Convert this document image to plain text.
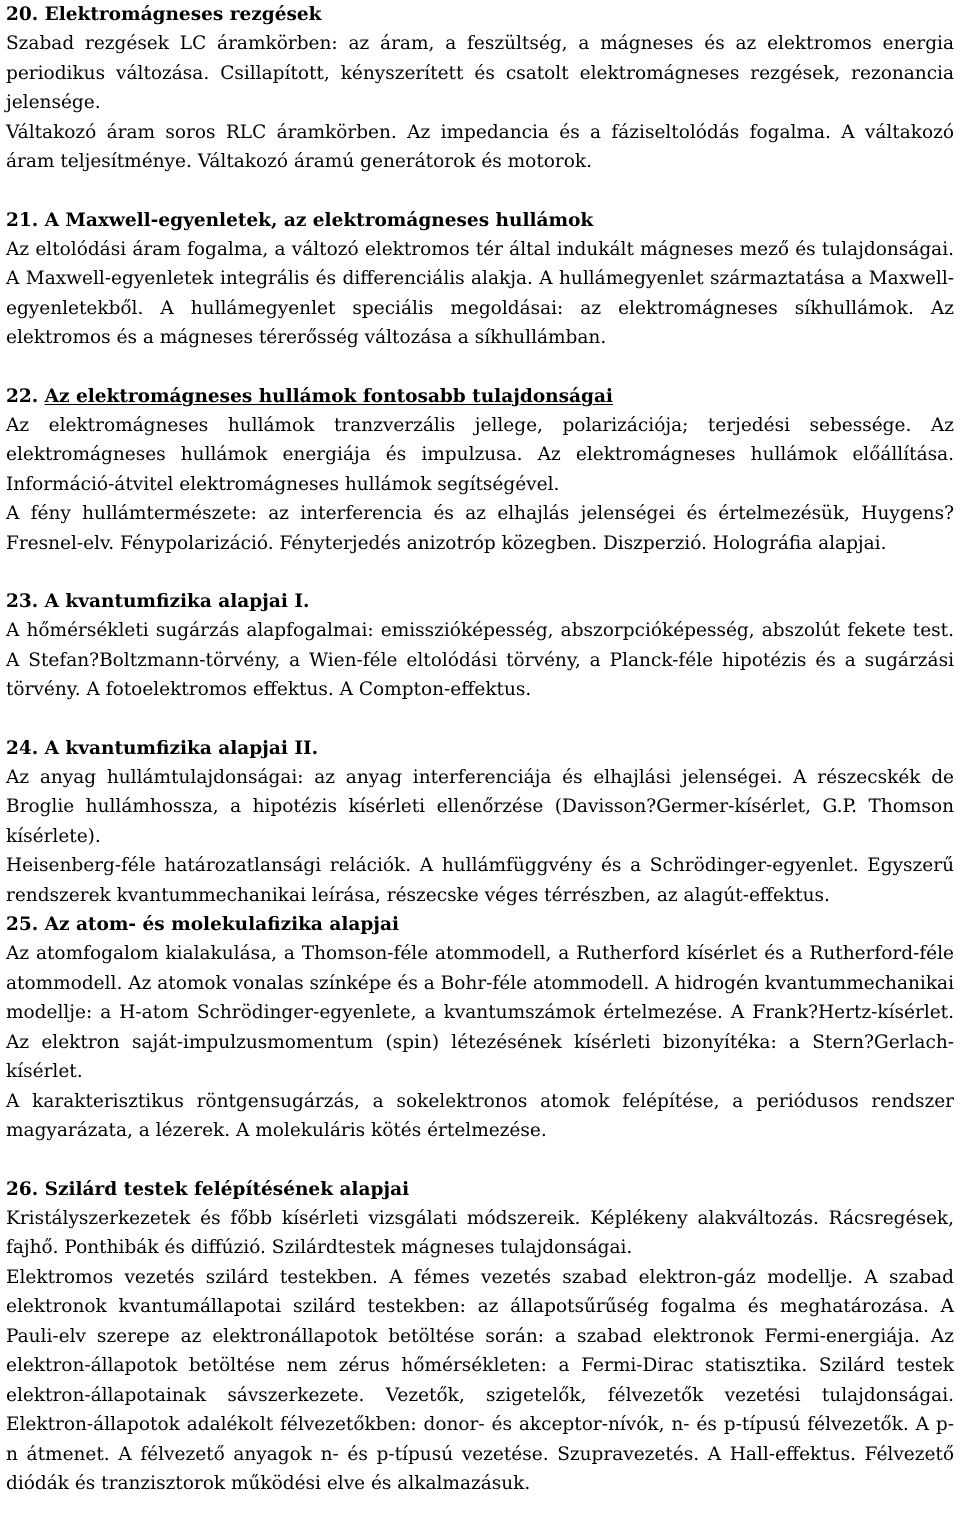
20. Elektromágneses rezgések

Szabad rezgések LC áramkörben: az áram, a feszültség, a mágneses és az elektromos energia periodikus változása. Csillapított, kényszerített és csatolt elektromágneses rezgések, rezonancia jelensége.

Váltakozó áram soros RLC áramkörben. Az impedancia és a fáziseltolódás fogalma. A váltakozó áram teljesítménye. Váltakozó áramú generátorok és motorok.

21. A Maxwell-egyenletek, az elektromágneses hullámok

Az eltolódási áram fogalma, a változó elektromos tér által indukált mágneses mező és tulajdonságai. A Maxwell-egyenletek integrális és differenciális alakja. A hullámegyenlet származtatása a Maxwell-egyenletekből. A hullámegyenlet speciális megoldásai: az elektromágneses síkhullámok. Az elektromos és a mágneses térerősség változása a síkhullámban.

22. Az elektromágneses hullámok fontosabb tulajdonságai

Az elektromágneses hullámok tranzverzális jellege, polarizációja; terjedési sebessége. Az elektromágneses hullámok energiája és impulzusa. Az elektromágneses hullámok előállítása. Információ-átvitel elektromágneses hullámok segítségével.

A fény hullámtermészete: az interferencia és az elhajlás jelenségei és értelmezésük, Huygens?Fresnel-elv. Fénypolarizáció. Fényterjedés anizotróp közegben. Diszperzió. Holográfia alapjai.

23. A kvantumfizika alapjai I.

A hőmérsékleti sugárzás alapfogalmai: emisszióképesség, abszorpcióképesség, abszolút fekete test. A Stefan?Boltzmann-törvény, a Wien-féle eltolódási törvény, a Planck-féle hipotézis és a sugárzási törvény. A fotoelektromos effektus. A Compton-effektus.

24. A kvantumfizika alapjai II.

Az anyag hullámtulajdonságai: az anyag interferenciája és elhajlási jelenségei. A részecskék de Broglie hullámhossza, a hipotézis kísérleti ellenőrzése (Davisson?Germer-kísérlet, G.P. Thomson kísérlete).

Heisenberg-féle határozatlansági relációk. A hullámfüggvény és a Schrödinger-egyenlet. Egyszerű rendszerek kvantummechanikai leírása, részecske véges térrészben, az alagút-effektus.

25. Az atom- és molekulafizika alapjai

Az atomfogalom kialakulása, a Thomson-féle atommodell, a Rutherford kísérlet és a Rutherford-féle atommodell. Az atomok vonalas színképe és a Bohr-féle atommodell. A hidrogén kvantummechanikai modellje: a H-atom Schrödinger-egyenlete, a kvantumszámok értelmezése. A Frank?Hertz-kísérlet. Az elektron saját-impulzusmomentum (spin) létezésének kísérleti bizonyítéka: a Stern?Gerlach-kísérlet.

A karakterisztikus röntgensugárzás, a sokelektronos atomok felépítése, a periódusos rendszer magyarázata, a lézerek. A molekuláris kötés értelmezése.

26. Szilárd testek felépítésének alapjai

Kristályszerkezetek és főbb kísérleti vizsgálati módszereik. Képlékeny alakváltozás. Rácsregések, fajhő. Ponthibák és diffúzió. Szilárdtestek mágneses tulajdonságai.

Elektromos vezetés szilárd testekben. A fémes vezetés szabad elektron-gáz modellje. A szabad elektronok kvantumállapotai szilárd testekben: az állapotsűrűség fogalma és meghatározása. A Pauli-elv szerepe az elektronállapotok betöltése során: a szabad elektronok Fermi-energiája. Az elektron-állapotok betöltése nem zérus hőmérsékleten: a Fermi-Dirac statisztika. Szilárd testek elektron-állapotainak sávszerkezete. Vezetők, szigetelők, félvezetők vezetési tulajdonságai. Elektron-állapotok adalékolt félvezetőkben: donor- és akceptor-nívók, n- és p-típusú félvezetők. A p-n átmenet. A félvezető anyagok n- és p-típusú vezetése. Szupravezetés. A Hall-effektus. Félvezető diódák és tranzisztorok működési elve és alkalmazásuk.
